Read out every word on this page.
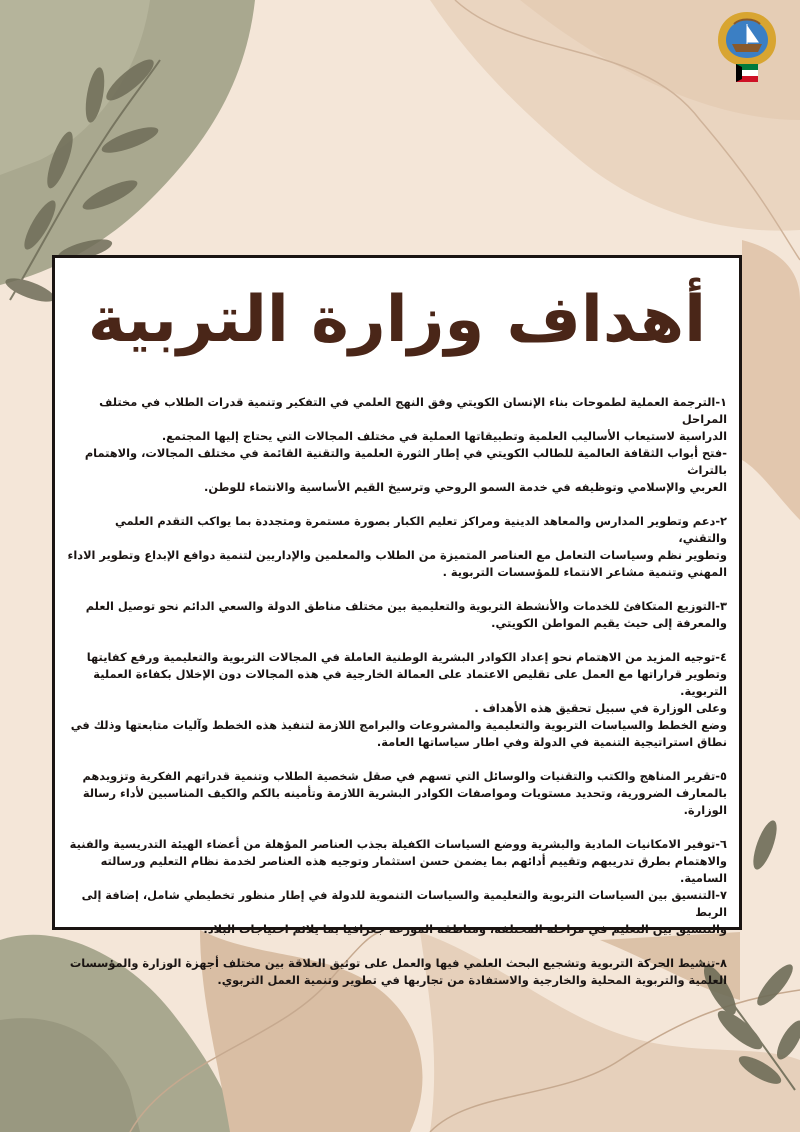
أهداف وزارة التربية

١-الترجمة العملية لطموحات بناء الإنسان الكويتي وفق النهج العلمي في التفكير وتنمية قدرات الطلاب في مختلف المراحل
الدراسية لاستيعاب الأساليب العلمية وتطبيقاتها العملية في مختلف المجالات التي يحتاج إليها المجتمع.
-فتح أبواب الثقافة العالمية للطالب الكويتي في إطار الثورة العلمية والتقنية القائمة في مختلف المجالات، والاهتمام بالتراث
العربي والإسلامي وتوظيفه في خدمة السمو الروحي وترسيخ القيم الأساسية والانتماء للوطن.

٢-دعم وتطوير المدارس والمعاهد الدينية ومراكز تعليم الكبار بصورة مستمرة ومتجددة بما يواكب التقدم العلمي والتقني،
وتطوير نظم وسياسات التعامل مع العناصر المتميزة من الطلاب والمعلمين والإداريين لتنمية دوافع الإبداع وتطوير الاداء
المهني وتنمية مشاعر الانتماء للمؤسسات التربوية .

٣-التوزيع المتكافئ للخدمات والأنشطة التربوية والتعليمية بين مختلف مناطق الدولة والسعي الدائم نحو توصيل العلم
والمعرفة إلى حيث يقيم المواطن الكويتي.

٤-توجيه المزيد من الاهتمام نحو إعداد الكوادر البشرية الوطنية العاملة في المجالات التربوية والتعليمية ورفع كفايتها
وتطوير قراراتها مع العمل على تقليص الاعتماد على العمالة الخارجية في هذه المجالات دون الإخلال بكفاءة العملية التربوية.
وعلى الوزارة في سبيل تحقيق هذه الأهداف .
وضع الخطط والسياسات التربوية والتعليمية والمشروعات والبرامج اللازمة لتنفيذ هذه الخطط وآليات متابعتها وذلك في
نطاق استراتيجية التنمية في الدولة وفي اطار سياساتها العامة.

٥-تقرير المناهج والكتب والتقنيات والوسائل التي تسهم في صقل شخصية الطلاب وتنمية قدراتهم الفكرية وتزويدهم
بالمعارف الضرورية، وتحديد مستويات ومواصفات الكوادر البشرية اللازمة وتأمينه بالكم والكيف المناسبين لأداء رسالة الوزارة.

٦-توفير الامكانيات المادية والبشرية ووضع السياسات الكفيلة بجذب العناصر المؤهلة من أعضاء الهيئة التدريسية والفنية
والاهتمام بطرق تدريبهم وتقييم أدائهم بما يضمن حسن استثمار وتوجيه هذه العناصر لخدمة نظام التعليم ورسالته السامية.
٧-التنسيق بين السياسات التربوية والتعليمية والسياسات التنموية للدولة في إطار منظور تخطيطي شامل، إضافة إلى الربط
والتنسيق بين التعليم في مراحله المختلفة، ومناطقه الموزعة جغرافيا بما يلائم احتياجات البلاد.

٨-تنشيط الحركة التربوية وتشجيع البحث العلمي فيها والعمل على توثيق العلاقة بين مختلف أجهزة الوزارة والمؤسسات
العلمية والتربوية المحلية والخارجية والاستفادة من تجاربها في تطوير وتنمية العمل التربوي.
